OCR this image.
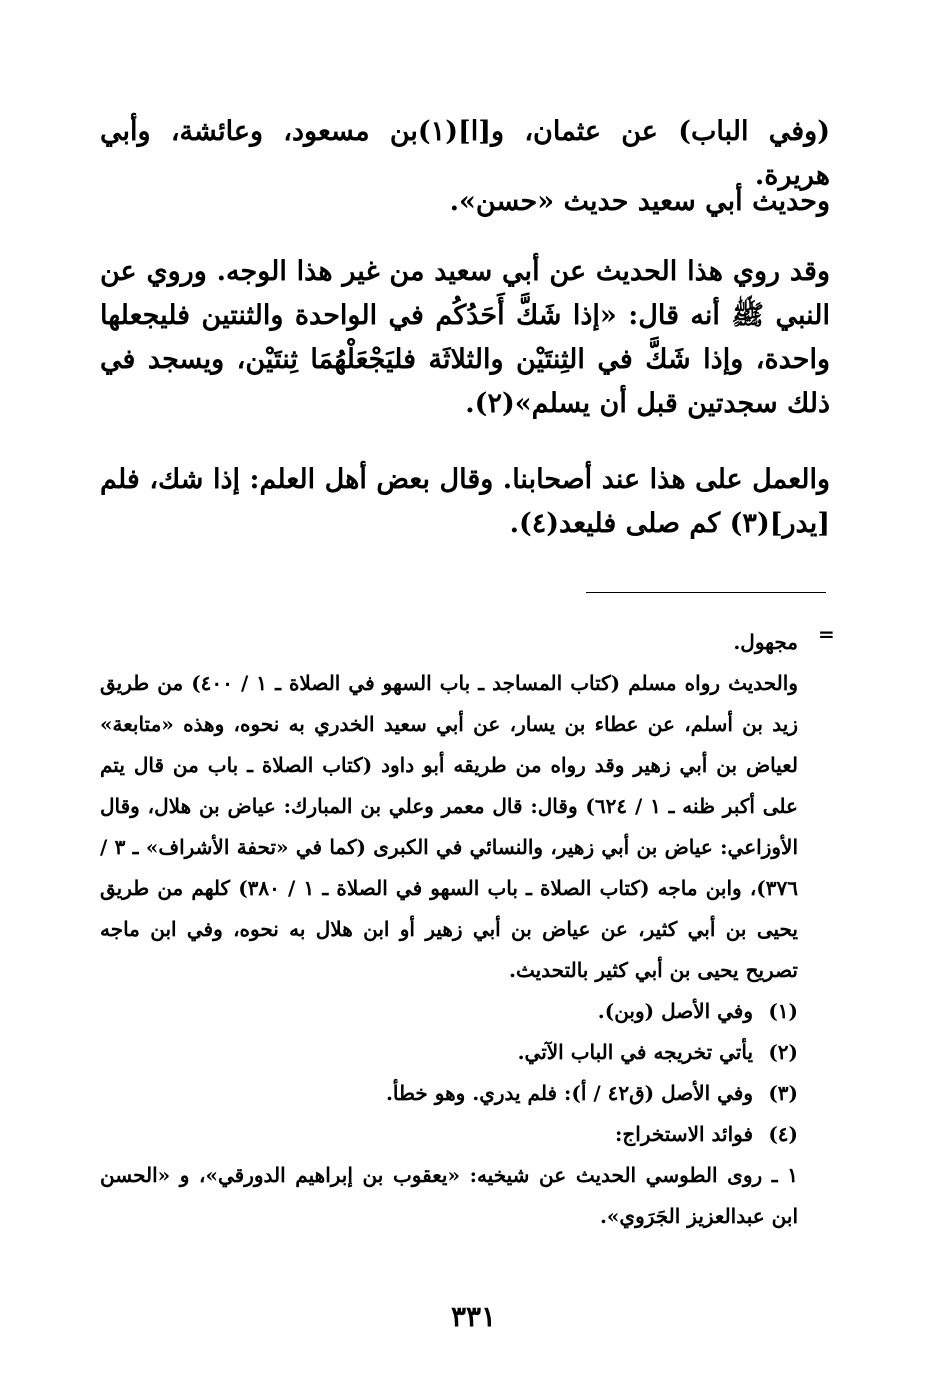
(وفي الباب) عن عثمان، و[ا](١)بن مسعود، وعائشة، وأبي هريرة.
وحديث أبي سعيد حديث «حسن».
وقد روي هذا الحديث عن أبي سعيد من غير هذا الوجه. وروي عن النبي ﷺ أنه قال: «إذا شَكَّ أَحَدُكُم في الواحدة والثنتين فليجعلها واحدة، وإذا شَكَّ في الثِنتَيْن والثلاثَة فليَجْعَلْهُمَا ثِنتَيْن، ويسجد في ذلك سجدتين قبل أن يسلم»(٢).
والعمل على هذا عند أصحابنا. وقال بعض أهل العلم: إذا شك، فلم [يدر](٣) كم صلى فليعد(٤).
=
مجهول.
والحديث رواه مسلم (كتاب المساجد ـ باب السهو في الصلاة ـ ١ / ٤٠٠) من طريق زيد بن أسلم، عن عطاء بن يسار، عن أبي سعيد الخدري به نحوه، وهذه «متابعة» لعياض بن أبي زهير وقد رواه من طريقه أبو داود (كتاب الصلاة ـ باب من قال يتم على أكبر ظنه ـ ١ / ٦٢٤) وقال: قال معمر وعلي بن المبارك: عياض بن هلال، وقال الأوزاعي: عياض بن أبي زهير، والنسائي في الكبرى (كما في «تحفة الأشراف» ـ ٣ / ٣٧٦)، وابن ماجه (كتاب الصلاة ـ باب السهو في الصلاة ـ ١ / ٣٨٠) كلهم من طريق يحيى بن أبي كثير، عن عياض بن أبي زهير أو ابن هلال به نحوه، وفي ابن ماجه تصريح يحيى بن أبي كثير بالتحديث.
(١) وفي الأصل (وبن).
(٢) يأتي تخريجه في الباب الآتي.
(٣) وفي الأصل (ق٤٢ / أ): فلم يدري. وهو خطأ.
(٤) فوائد الاستخراج:
١ ـ روى الطوسي الحديث عن شيخيه: «يعقوب بن إبراهيم الدورقي»، و «الحسن ابن عبدالعزيز الجَرَوي».
٣٣١
